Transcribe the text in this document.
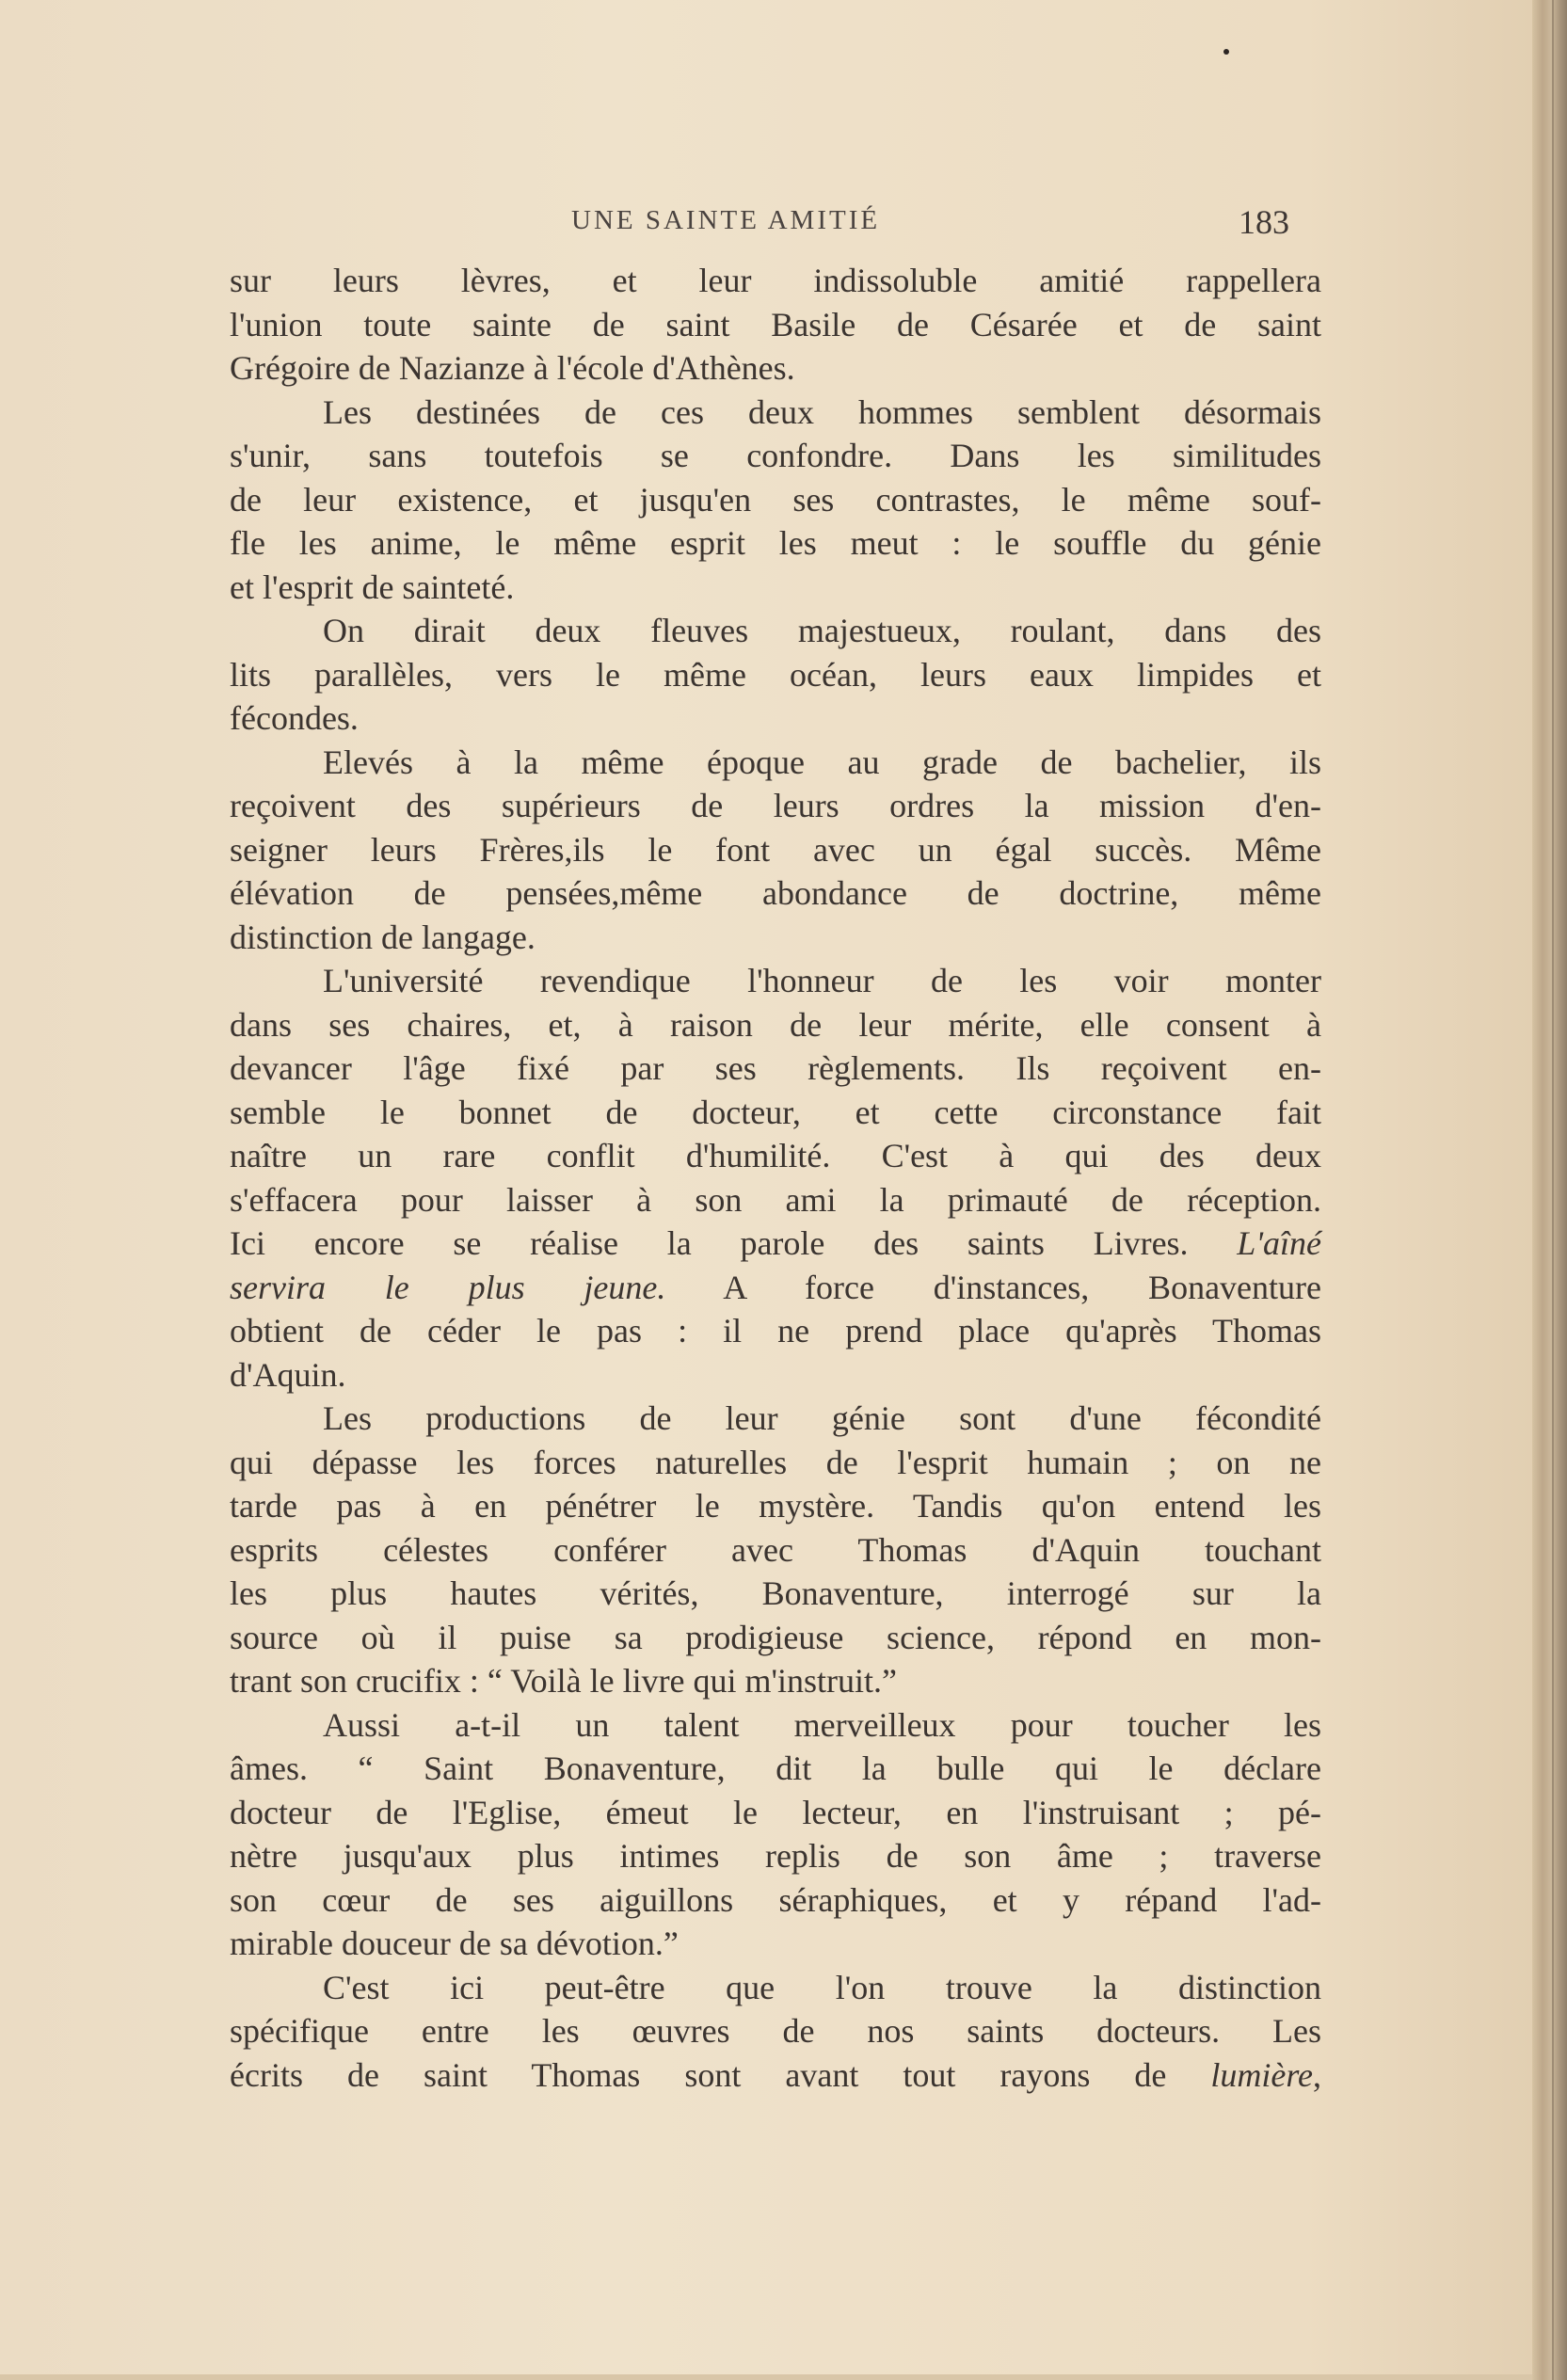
UNE SAINTE AMITIÉ	183
sur leurs lèvres, et leur indissoluble amitié rappellera
l'union toute sainte de saint Basile de Césarée et de saint
Grégoire de Nazianze à l'école d'Athènes.
Les destinées de ces deux hommes semblent désormais
s'unir, sans toutefois se confondre. Dans les similitudes
de leur existence, et jusqu'en ses contrastes, le même souf-
fle les anime, le même esprit les meut : le souffle du génie
et l'esprit de sainteté.
On dirait deux fleuves majestueux, roulant, dans des
lits parallèles, vers le même océan, leurs eaux limpides et
fécondes.
Elevés à la même époque au grade de bachelier, ils
reçoivent des supérieurs de leurs ordres la mission d'en-
seigner leurs Frères,ils le font avec un égal succès. Même
élévation de pensées,même abondance de doctrine, même
distinction de langage.
L'université revendique l'honneur de les voir monter
dans ses chaires, et, à raison de leur mérite, elle consent à
devancer l'âge fixé par ses règlements. Ils reçoivent en-
semble le bonnet de docteur, et cette circonstance fait
naître un rare conflit d'humilité. C'est à qui des deux
s'effacera pour laisser à son ami la primauté de réception.
Ici encore se réalise la parole des saints Livres. L'aîné
servira le plus jeune. A force d'instances, Bonaventure
obtient de céder le pas : il ne prend place qu'après Thomas
d'Aquin.
Les productions de leur génie sont d'une fécondité
qui dépasse les forces naturelles de l'esprit humain ; on ne
tarde pas à en pénétrer le mystère. Tandis qu'on entend les
esprits célestes conférer avec Thomas d'Aquin touchant
les plus hautes vérités, Bonaventure, interrogé sur la
source où il puise sa prodigieuse science, répond en mon-
trant son crucifix : “ Voilà le livre qui m'instruit.”
Aussi a-t-il un talent merveilleux pour toucher les
âmes. “ Saint Bonaventure, dit la bulle qui le déclare
docteur de l'Eglise, émeut le lecteur, en l'instruisant ; pé-
nètre jusqu'aux plus intimes replis de son âme ; traverse
son cœur de ses aiguillons séraphiques, et y répand l'ad-
mirable douceur de sa dévotion.”
C'est ici peut-être que l'on trouve la distinction
spécifique entre les œuvres de nos saints docteurs. Les
écrits de saint Thomas sont avant tout rayons de lumière,
